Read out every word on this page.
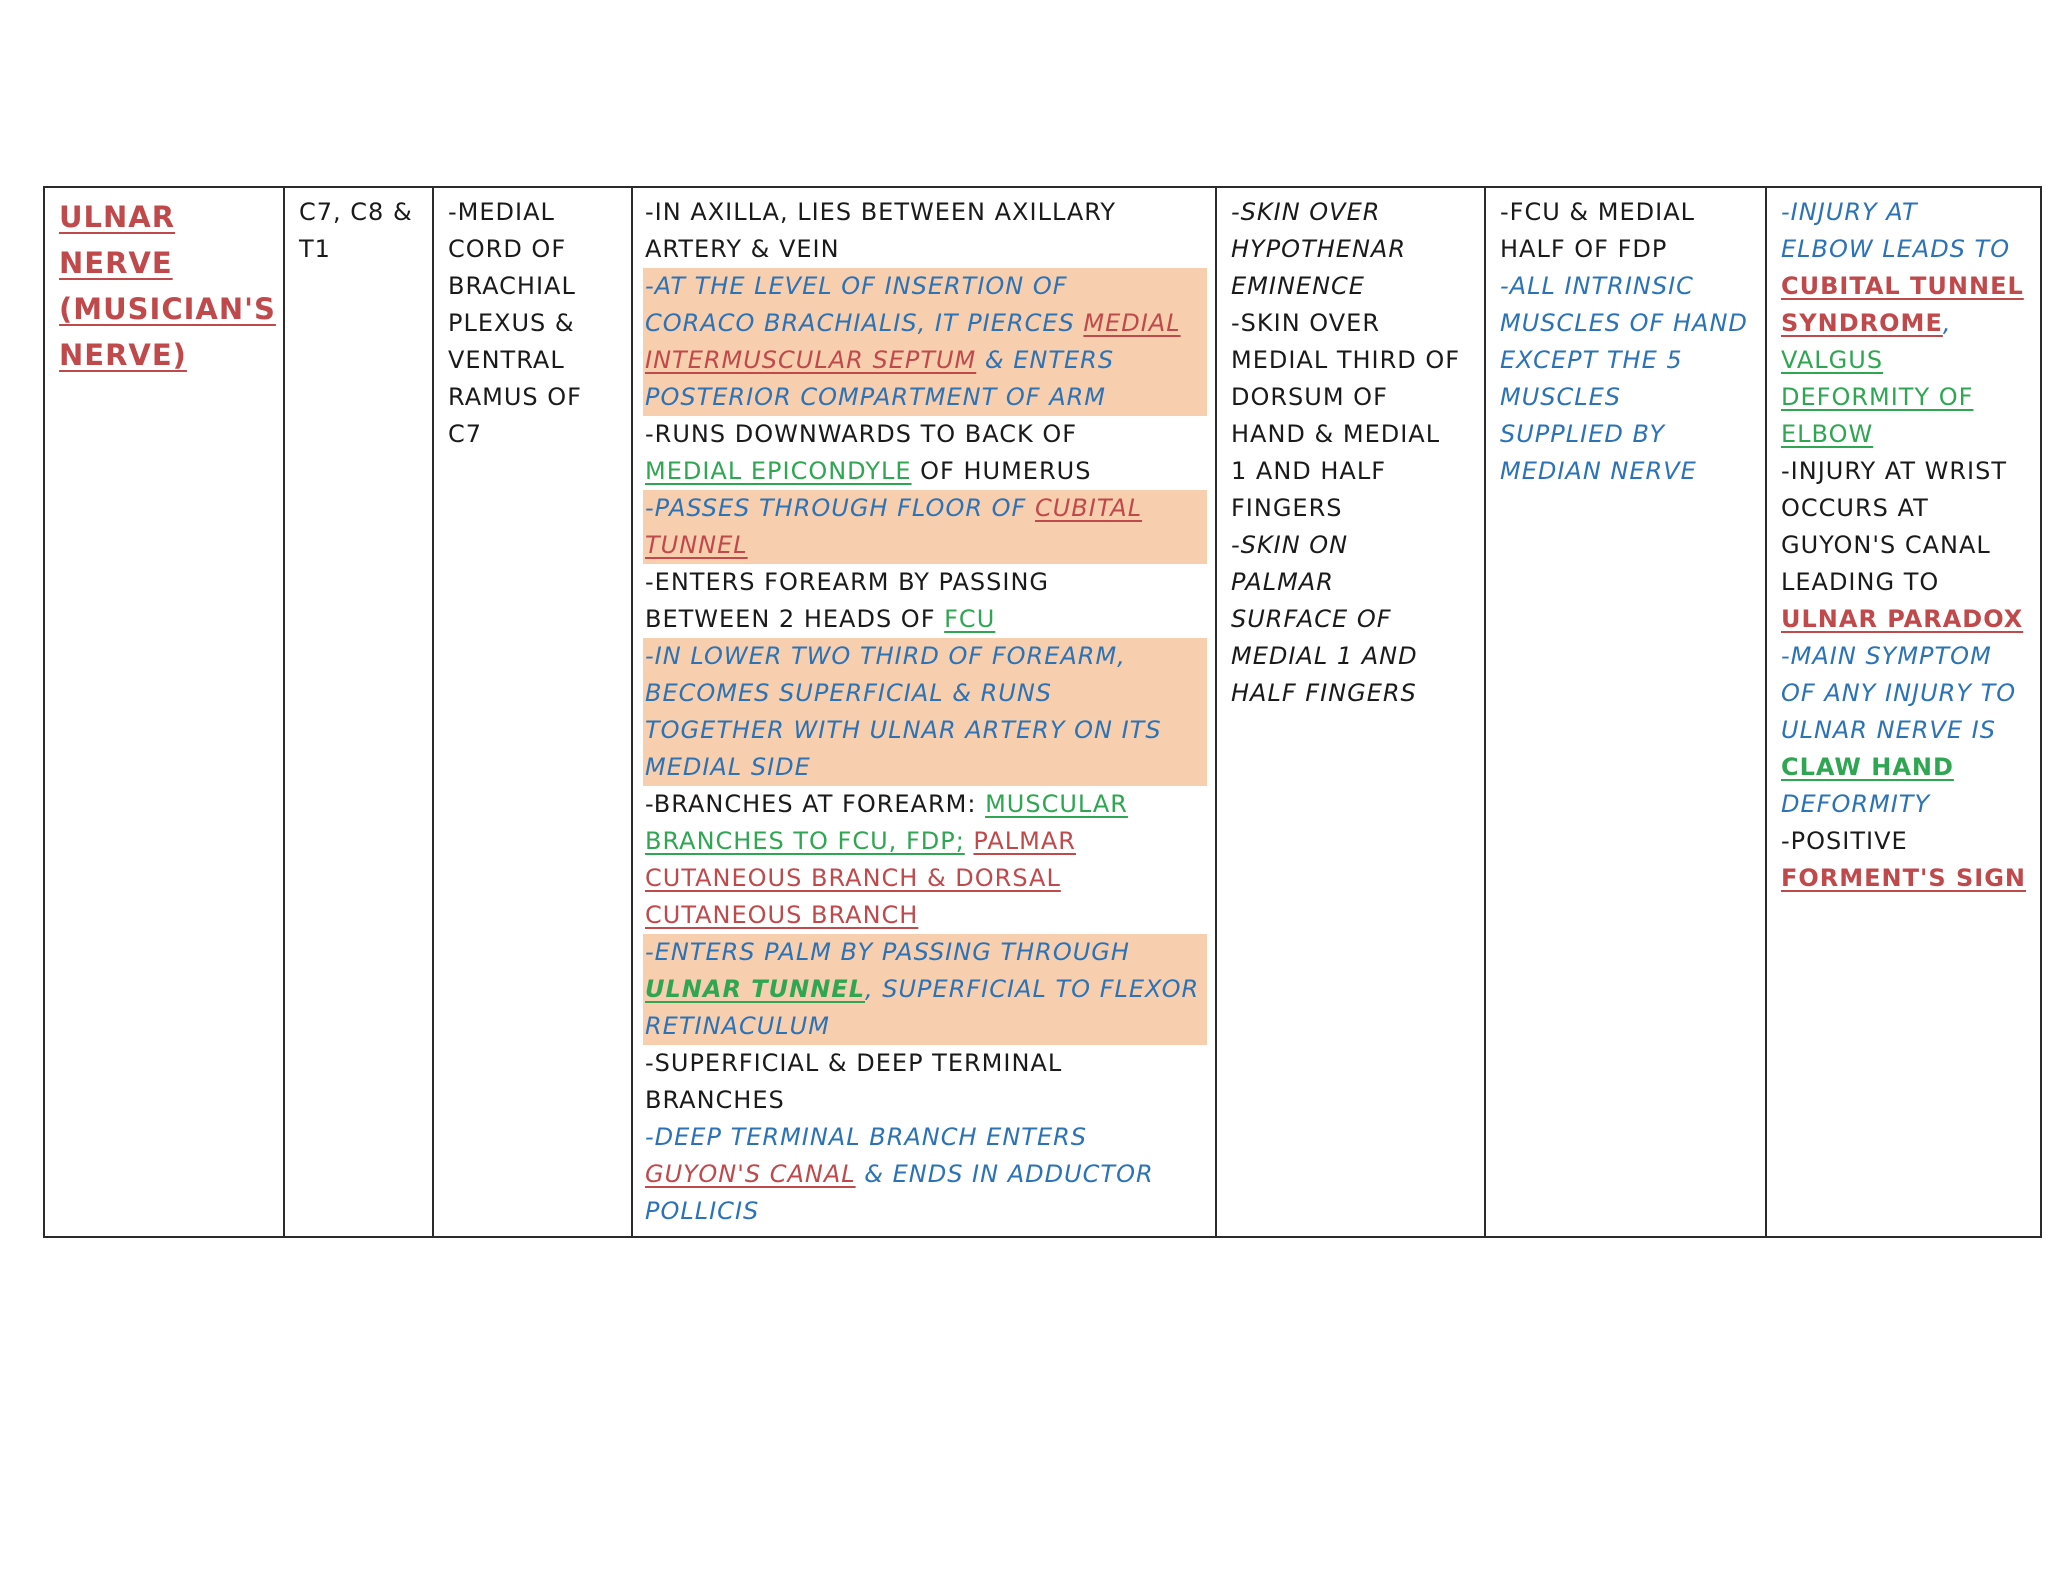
ULNAR
NERVE
(MUSICIAN'S
NERVE)

C7, C8 &
T1

-MEDIAL
CORD OF
BRACHIAL
PLEXUS &
VENTRAL
RAMUS OF
C7

-IN AXILLA, LIES BETWEEN AXILLARY
ARTERY & VEIN
-AT THE LEVEL OF INSERTION OF
CORACO BRACHIALIS, IT PIERCES MEDIAL
INTERMUSCULAR SEPTUM & ENTERS
POSTERIOR COMPARTMENT OF ARM
-RUNS DOWNWARDS TO BACK OF
MEDIAL EPICONDYLE OF HUMERUS
-PASSES THROUGH FLOOR OF CUBITAL
TUNNEL
-ENTERS FOREARM BY PASSING
BETWEEN 2 HEADS OF FCU
-IN LOWER TWO THIRD OF FOREARM,
BECOMES SUPERFICIAL & RUNS
TOGETHER WITH ULNAR ARTERY ON ITS
MEDIAL SIDE
-BRANCHES AT FOREARM: MUSCULAR
BRANCHES TO FCU, FDP; PALMAR
CUTANEOUS BRANCH & DORSAL
CUTANEOUS BRANCH
-ENTERS PALM BY PASSING THROUGH
ULNAR TUNNEL, SUPERFICIAL TO FLEXOR
RETINACULUM
-SUPERFICIAL & DEEP TERMINAL
BRANCHES
-DEEP TERMINAL BRANCH ENTERS
GUYON'S CANAL & ENDS IN ADDUCTOR
POLLICIS

-SKIN OVER
HYPOTHENAR
EMINENCE
-SKIN OVER
MEDIAL THIRD OF
DORSUM OF
HAND & MEDIAL
1 AND HALF
FINGERS
-SKIN ON
PALMAR
SURFACE OF
MEDIAL 1 AND
HALF FINGERS

-FCU & MEDIAL
HALF OF FDP
-ALL INTRINSIC
MUSCLES OF HAND
EXCEPT THE 5
MUSCLES
SUPPLIED BY
MEDIAN NERVE

-INJURY AT
ELBOW LEADS TO
CUBITAL TUNNEL
SYNDROME,
VALGUS
DEFORMITY OF
ELBOW
-INJURY AT WRIST
OCCURS AT
GUYON'S CANAL
LEADING TO
ULNAR PARADOX
-MAIN SYMPTOM
OF ANY INJURY TO
ULNAR NERVE IS
CLAW HAND
DEFORMITY
-POSITIVE
FORMENT'S SIGN
